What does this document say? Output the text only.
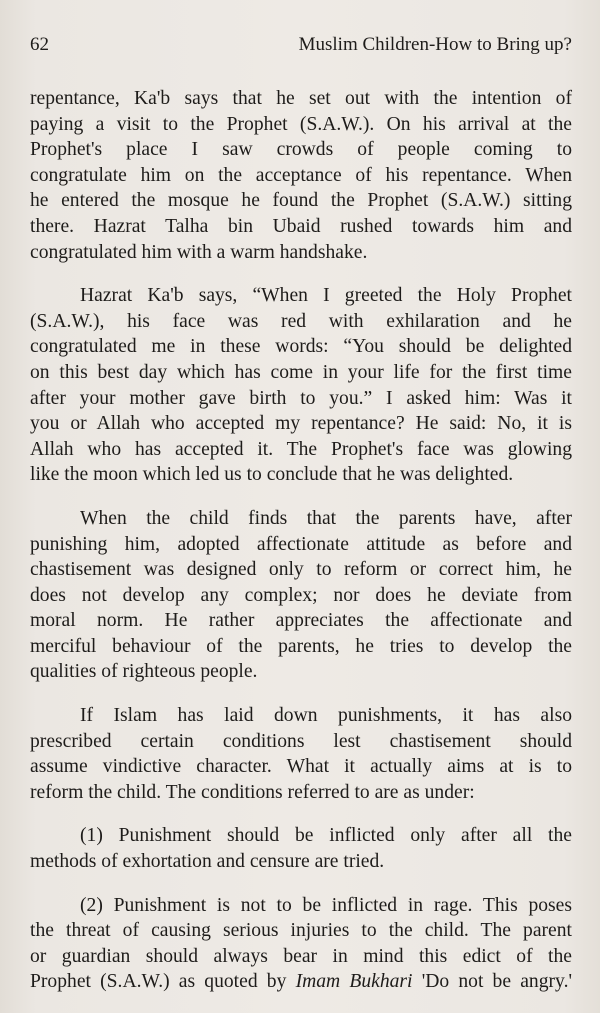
62	Muslim Children-How to Bring up?

repentance, Ka'b says that he set out with the intention of
paying a visit to the Prophet (S.A.W.). On his arrival at the
Prophet's place I saw crowds of people coming to
congratulate him on the acceptance of his repentance. When
he entered the mosque he found the Prophet (S.A.W.) sitting
there. Hazrat Talha bin Ubaid rushed towards him and
congratulated him with a warm handshake.

Hazrat Ka'b says, “When I greeted the Holy Prophet
(S.A.W.), his face was red with exhilaration and he
congratulated me in these words: “You should be delighted
on this best day which has come in your life for the first time
after your mother gave birth to you.” I asked him: Was it
you or Allah who accepted my repentance? He said: No, it is
Allah who has accepted it. The Prophet's face was glowing
like the moon which led us to conclude that he was delighted.

When the child finds that the parents have, after
punishing him, adopted affectionate attitude as before and
chastisement was designed only to reform or correct him, he
does not develop any complex; nor does he deviate from
moral norm. He rather appreciates the affectionate and
merciful behaviour of the parents, he tries to develop the
qualities of righteous people.

If Islam has laid down punishments, it has also
prescribed certain conditions lest chastisement should
assume vindictive character. What it actually aims at is to
reform the child. The conditions referred to are as under:

(1) Punishment should be inflicted only after all the
methods of exhortation and censure are tried.

(2) Punishment is not to be inflicted in rage. This poses
the threat of causing serious injuries to the child. The parent
or guardian should always bear in mind this edict of the
Prophet (S.A.W.) as quoted by Imam Bukhari 'Do not be angry.'
